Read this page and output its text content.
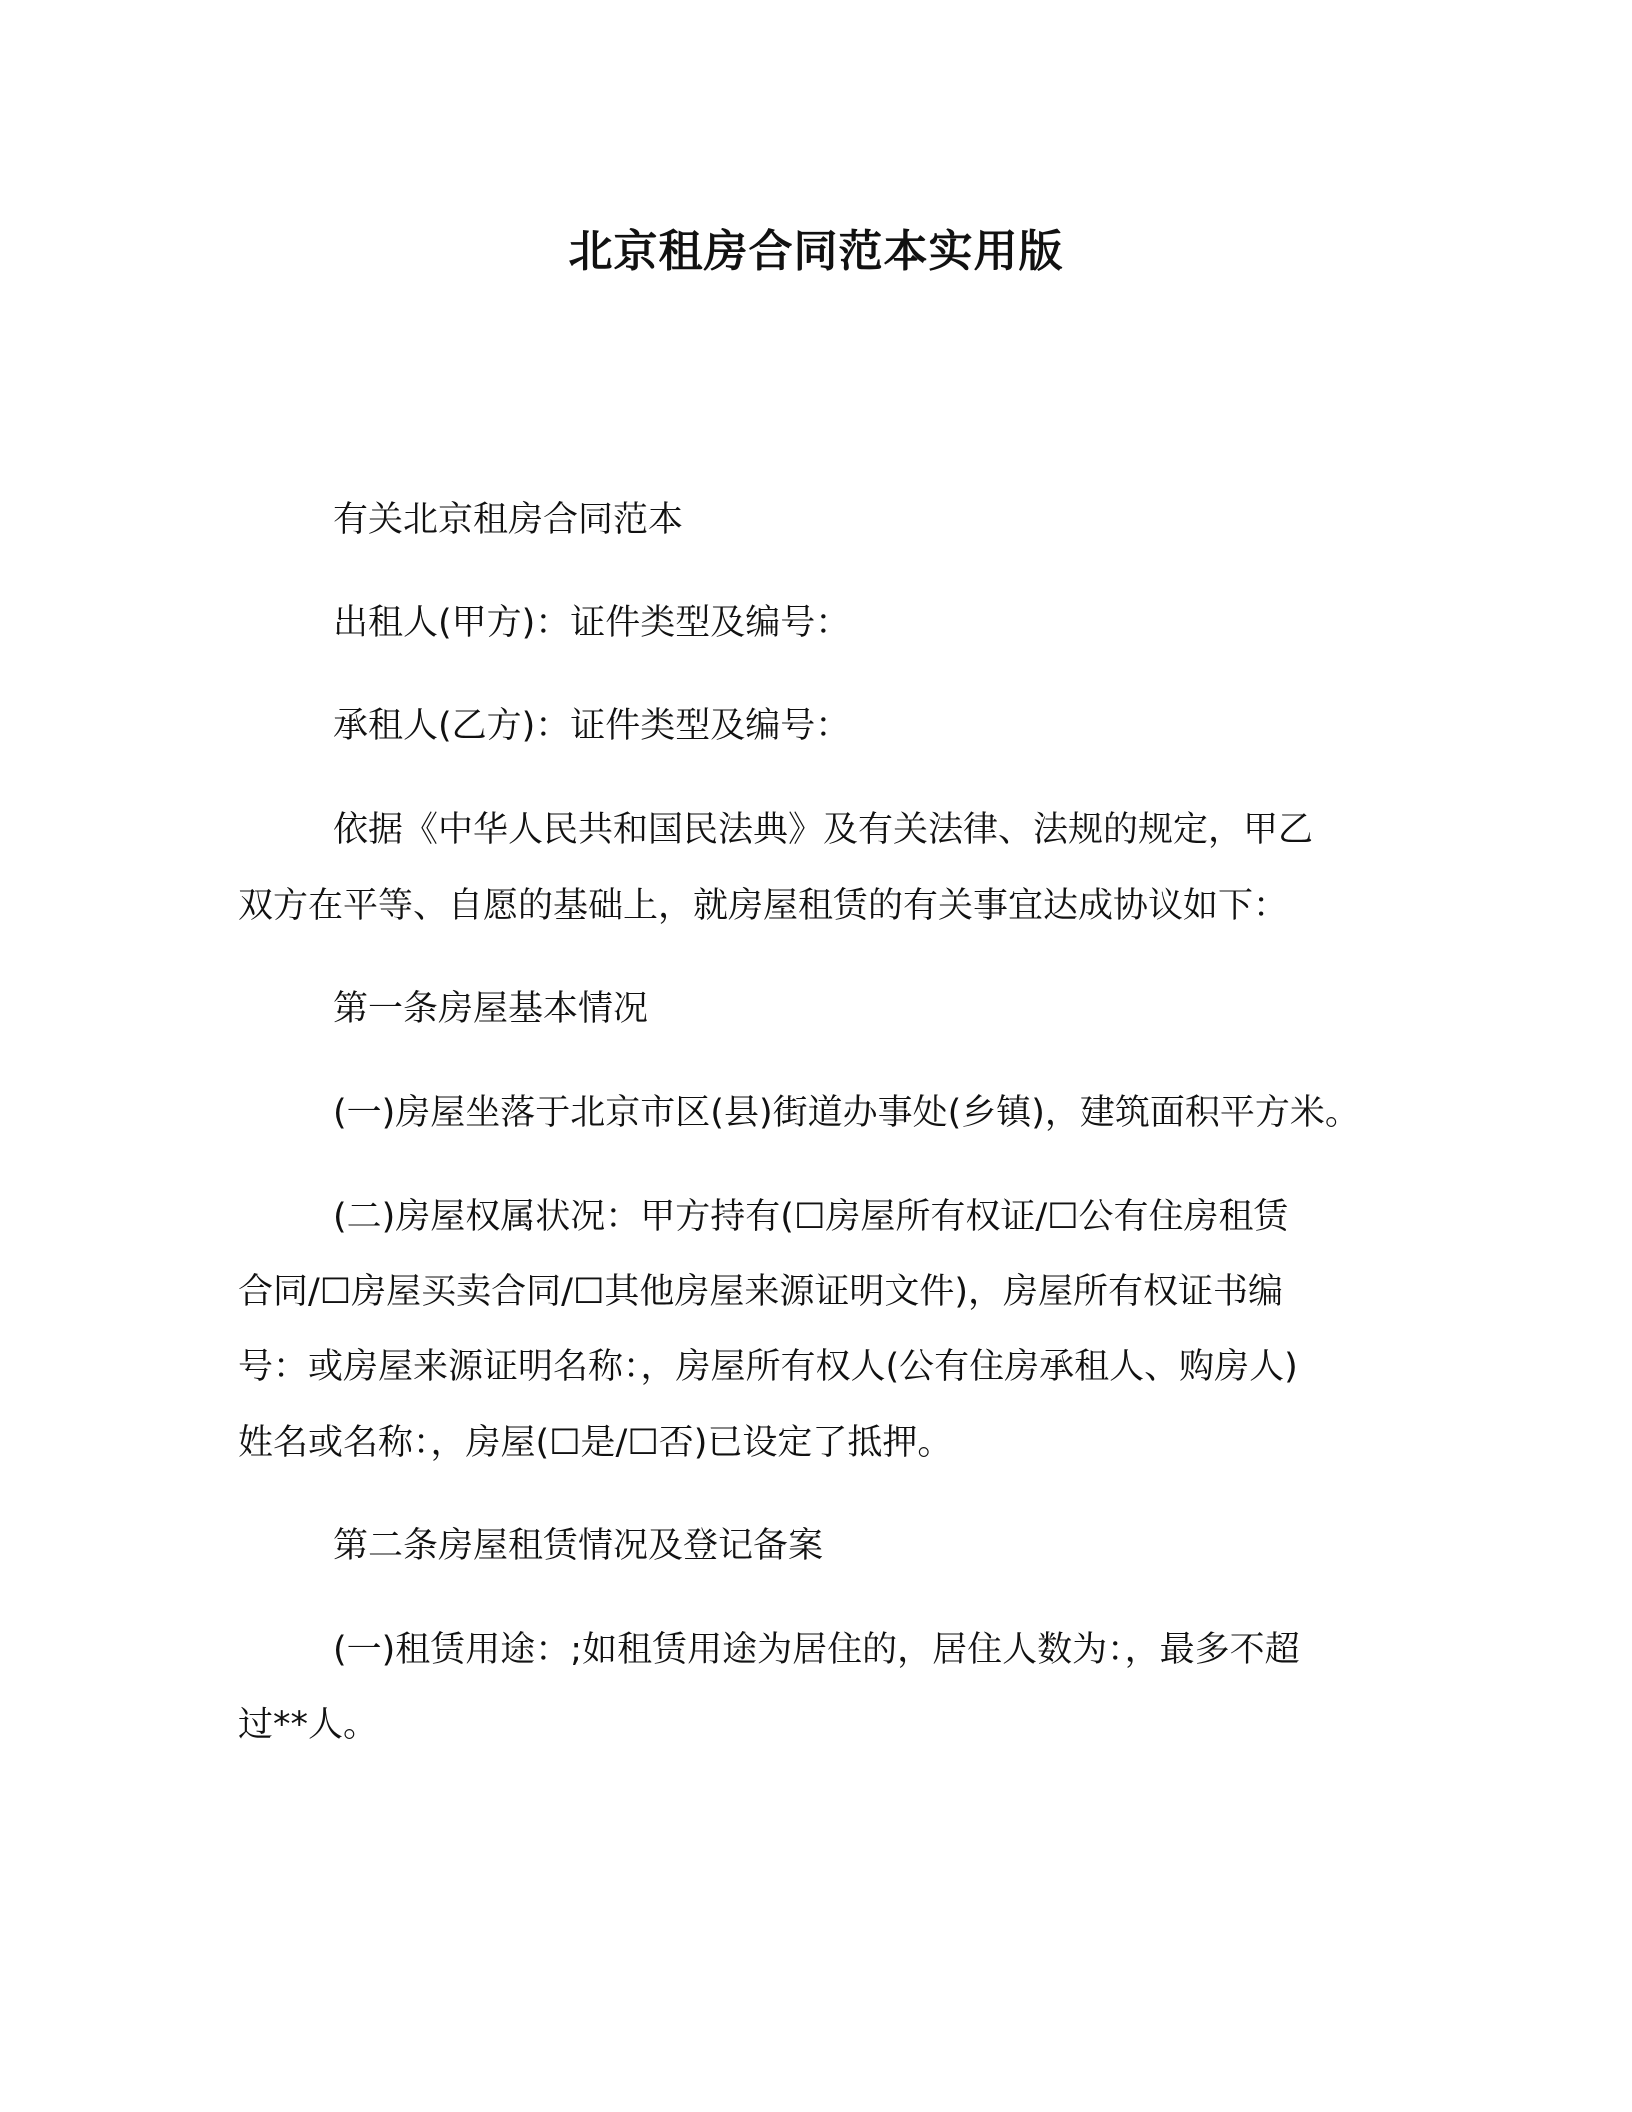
北京租房合同范本实用版
有关北京租房合同范本
出租人(甲方)：证件类型及编号：
承租人(乙方)：证件类型及编号：
依据《中华人民共和国民法典》及有关法律、法规的规定，甲乙
双方在平等、自愿的基础上，就房屋租赁的有关事宜达成协议如下：
第一条房屋基本情况
(一)房屋坐落于北京市区(县)街道办事处(乡镇)，建筑面积平方米。
(二)房屋权属状况：甲方持有(☐房屋所有权证/☐公有住房租赁
合同/☐房屋买卖合同/☐其他房屋来源证明文件)，房屋所有权证书编
号：或房屋来源证明名称：，房屋所有权人(公有住房承租人、购房人)
姓名或名称：，房屋(☐是/☐否)已设定了抵押。
第二条房屋租赁情况及登记备案
(一)租赁用途：;如租赁用途为居住的，居住人数为：，最多不超
过**人。
